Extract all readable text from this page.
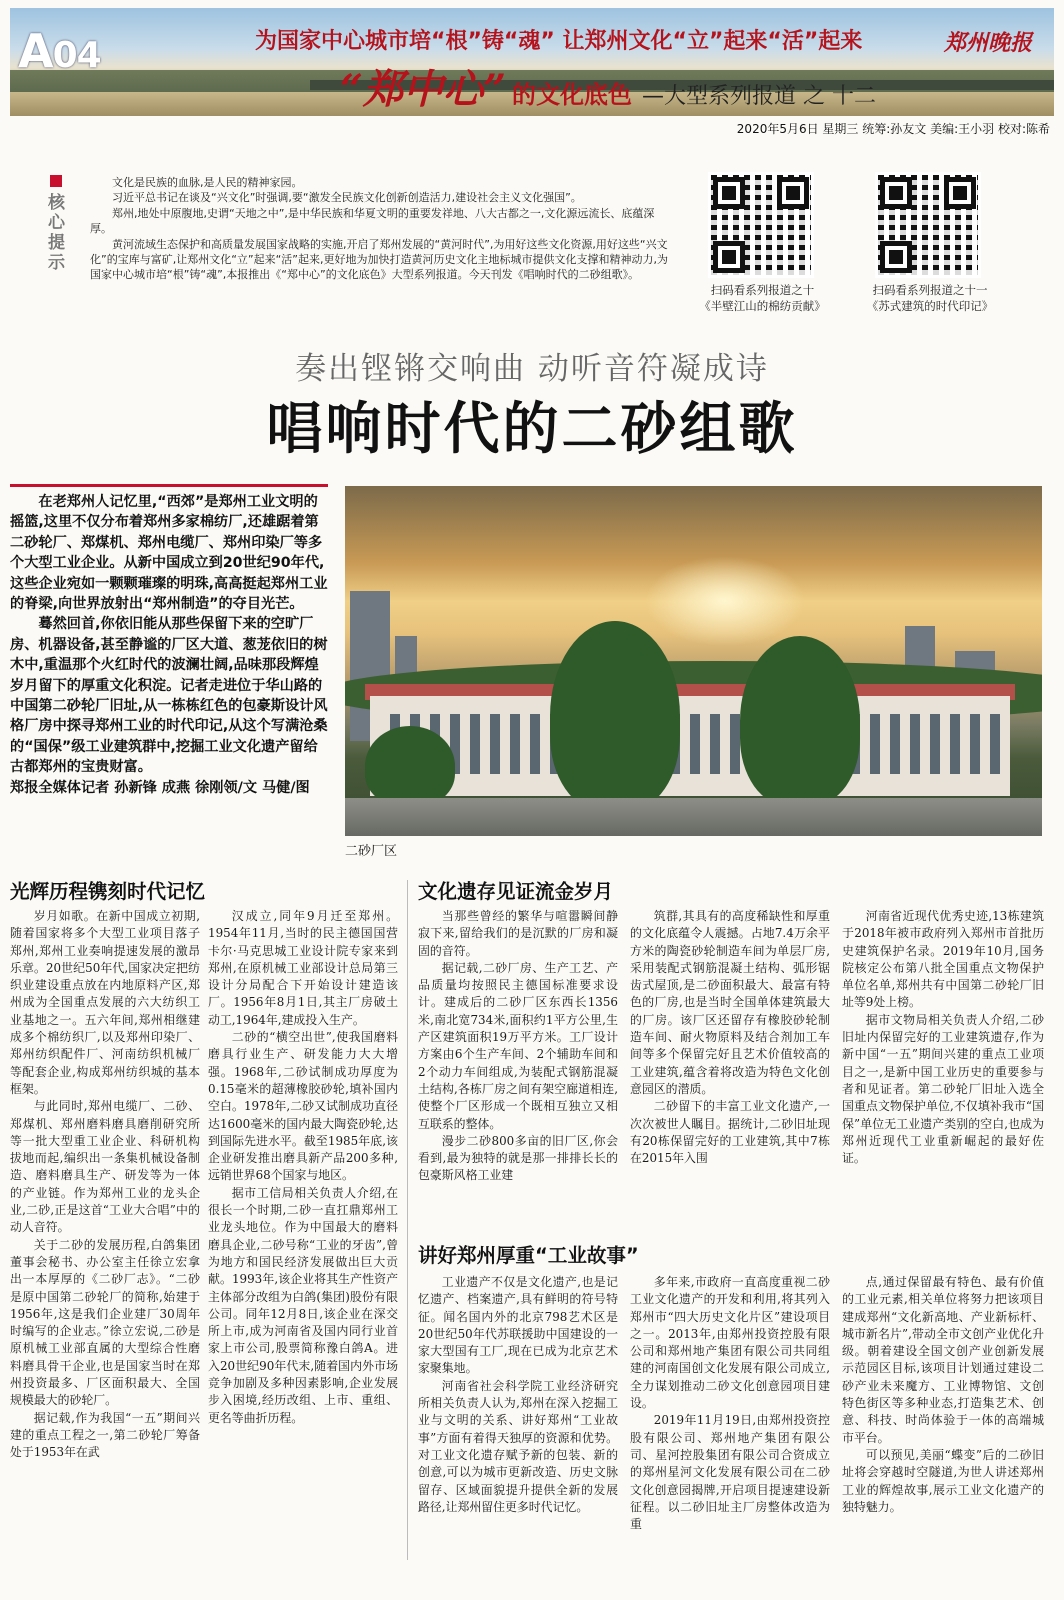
A04	为国家中心城市培“根”铸“魂” 让郑州文化“立”起来“活”起来
“郑中心” 的文化底色 —大型系列报道 之 十二
郑州晚报
2020年5月6日 星期三 统筹:孙友文 美编:王小羽 校对:陈希
核心提示

文化是民族的血脉,是人民的精神家园。

习近平总书记在谈及“兴文化”时强调,要“激发全民族文化创新创造活力,建设社会主义文化强国”。

郑州,地处中原腹地,史谓“天地之中”,是中华民族和华夏文明的重要发祥地、八大古都之一,文化源远流长、底蕴深厚。

黄河流域生态保护和高质量发展国家战略的实施,开启了郑州发展的“黄河时代”,为用好这些文化资源,用好这些“兴文化”的宝库与富矿,让郑州文化“立”起来“活”起来,更好地为加快打造黄河历史文化主地标城市提供文化支撑和精神动力,为国家中心城市培“根”铸“魂”,本报推出《“郑中心”的文化底色》大型系列报道。今天刊发《唱响时代的二砂组歌》。

扫码看系列报道之十
《半壁江山的棉纺贡献》
扫码看系列报道之十一
《苏式建筑的时代印记》
奏出铿锵交响曲 动听音符凝成诗
唱响时代的二砂组歌

在老郑州人记忆里,“西郊”是郑州工业文明的摇篮,这里不仅分布着郑州多家棉纺厂,还雄踞着第二砂轮厂、郑煤机、郑州电缆厂、郑州印染厂等多个大型工业企业。从新中国成立到20世纪90年代,这些企业宛如一颗颗璀璨的明珠,高高挺起郑州工业的脊梁,向世界放射出“郑州制造”的夺目光芒。

蓦然回首,你依旧能从那些保留下来的空旷厂房、机器设备,甚至静谧的厂区大道、葱茏依旧的树木中,重温那个火红时代的波澜壮阔,品味那段辉煌岁月留下的厚重文化积淀。记者走进位于华山路的中国第二砂轮厂旧址,从一栋栋红色的包豪斯设计风格厂房中探寻郑州工业的时代印记,从这个写满沧桑的“国保”级工业建筑群中,挖掘工业文化遗产留给古都郑州的宝贵财富。

郑报全媒体记者 孙新锋 成燕 徐刚领/文 马健/图

二砂厂区
光辉历程镌刻时代记忆

岁月如歌。在新中国成立初期,随着国家将多个大型工业项目落子郑州,郑州工业奏响提速发展的激昂乐章。20世纪50年代,国家决定把纺织业建设重点放在内地原料产区,郑州成为全国重点发展的六大纺织工业基地之一。五六年间,郑州相继建成多个棉纺织厂,以及郑州印染厂、郑州纺织配件厂、河南纺织机械厂等配套企业,构成郑州纺织城的基本框架。

与此同时,郑州电缆厂、二砂、郑煤机、郑州磨料磨具磨削研究所等一批大型重工业企业、科研机构拔地而起,编织出一条集机械设备制造、磨料磨具生产、研发等为一体的产业链。作为郑州工业的龙头企业,二砂,正是这首“工业大合唱”中的动人音符。

关于二砂的发展历程,白鸽集团董事会秘书、办公室主任徐立宏拿出一本厚厚的《二砂厂志》。“二砂是原中国第二砂轮厂的简称,始建于1956年,这是我们企业建厂30周年时编写的企业志。”徐立宏说,二砂是原机械工业部直属的大型综合性磨料磨具骨干企业,也是国家当时在郑州投资最多、厂区面积最大、全国规模最大的砂轮厂。

据记载,作为我国“一五”期间兴建的重点工程之一,第二砂轮厂筹备处于1953年在武

汉成立,同年9月迁至郑州。1954年11月,当时的民主德国国营卡尔·马克思城工业设计院专家来到郑州,在原机械工业部设计总局第三设计分局配合下开始设计建造该厂。1956年8月1日,其主厂房破土动工,1964年,建成投入生产。

二砂的“横空出世”,使我国磨料磨具行业生产、研发能力大大增强。1968年,二砂试制成功厚度为0.15毫米的超薄橡胶砂轮,填补国内空白。1978年,二砂又试制成功直径达1600毫米的国内最大陶瓷砂轮,达到国际先进水平。截至1985年底,该企业研发推出磨具新产品200多种,远销世界68个国家与地区。

据市工信局相关负责人介绍,在很长一个时期,二砂一直扛鼎郑州工业龙头地位。作为中国最大的磨料磨具企业,二砂号称“工业的牙齿”,曾为地方和国民经济发展做出巨大贡献。1993年,该企业将其生产性资产主体部分改组为白鸽(集团)股份有限公司。同年12月8日,该企业在深交所上市,成为河南省及国内同行业首家上市公司,股票简称豫白鸽A。进入20世纪90年代末,随着国内外市场竞争加剧及多种因素影响,企业发展步入困境,经历改组、上市、重组、更名等曲折历程。

文化遗存见证流金岁月

当那些曾经的繁华与喧嚣瞬间静寂下来,留给我们的是沉默的厂房和凝固的音符。

据记载,二砂厂房、生产工艺、产品质量均按照民主德国标准要求设计。建成后的二砂厂区东西长1356米,南北宽734米,面积约1平方公里,生产区建筑面积19万平方米。工厂设计方案由6个生产车间、2个辅助车间和2个动力车间组成,为装配式钢筋混凝土结构,各栋厂房之间有架空廊道相连,使整个厂区形成一个既相互独立又相互联系的整体。

漫步二砂800多亩的旧厂区,你会看到,最为独特的就是那一排排长长的包豪斯风格工业建

筑群,其具有的高度稀缺性和厚重的文化底蕴令人震撼。占地7.4万余平方米的陶瓷砂轮制造车间为单层厂房,采用装配式钢筋混凝土结构、弧形锯齿式屋顶,是二砂面积最大、最富有特色的厂房,也是当时全国单体建筑最大的厂房。该厂区还留存有橡胶砂轮制造车间、耐火物原料及结合剂加工车间等多个保留完好且艺术价值较高的工业建筑,蕴含着将改造为特色文化创意园区的潜质。

二砂留下的丰富工业文化遗产,一次次被世人瞩目。据统计,二砂旧址现有20栋保留完好的工业建筑,其中7栋在2015年入围

河南省近现代优秀史迹,13栋建筑于2018年被市政府列入郑州市首批历史建筑保护名录。2019年10月,国务院核定公布第八批全国重点文物保护单位名单,郑州共有中国第二砂轮厂旧址等9处上榜。

据市文物局相关负责人介绍,二砂旧址内保留完好的工业建筑遗存,作为新中国“一五”期间兴建的重点工业项目之一,是新中国工业历史的重要参与者和见证者。第二砂轮厂旧址入选全国重点文物保护单位,不仅填补我市“国保”单位无工业遗产类别的空白,也成为郑州近现代工业重新崛起的最好佐证。

讲好郑州厚重“工业故事”

工业遗产不仅是文化遗产,也是记忆遗产、档案遗产,具有鲜明的符号特征。闻名国内外的北京798艺术区是20世纪50年代苏联援助中国建设的一家大型国有工厂,现在已成为北京艺术家聚集地。

河南省社会科学院工业经济研究所相关负责人认为,郑州在深入挖掘工业与文明的关系、讲好郑州“工业故事”方面有着得天独厚的资源和优势。对工业文化遗存赋予新的包装、新的创意,可以为城市更新改造、历史文脉留存、区域面貌提升提供全新的发展路径,让郑州留住更多时代记忆。

多年来,市政府一直高度重视二砂工业文化遗产的开发和利用,将其列入郑州市“四大历史文化片区”建设项目之一。2013年,由郑州投资控股有限公司和郑州地产集团有限公司共同组建的河南国创文化发展有限公司成立,全力谋划推动二砂文化创意园项目建设。

2019年11月19日,由郑州投资控股有限公司、郑州地产集团有限公司、星河控股集团有限公司合资成立的郑州星河文化发展有限公司在二砂文化创意园揭牌,开启项目提速建设新征程。以二砂旧址主厂房整体改造为重

点,通过保留最有特色、最有价值的工业元素,相关单位将努力把该项目建成郑州“文化新高地、产业新标杆、城市新名片”,带动全市文创产业优化升级。朝着建设全国文创产业创新发展示范园区目标,该项目计划通过建设二砂产业未来魔方、工业博物馆、文创特色街区等多种业态,打造集艺术、创意、科技、时尚体验于一体的高端城市平台。

可以预见,美丽“蝶变”后的二砂旧址将会穿越时空隧道,为世人讲述郑州工业的辉煌故事,展示工业文化遗产的独特魅力。
